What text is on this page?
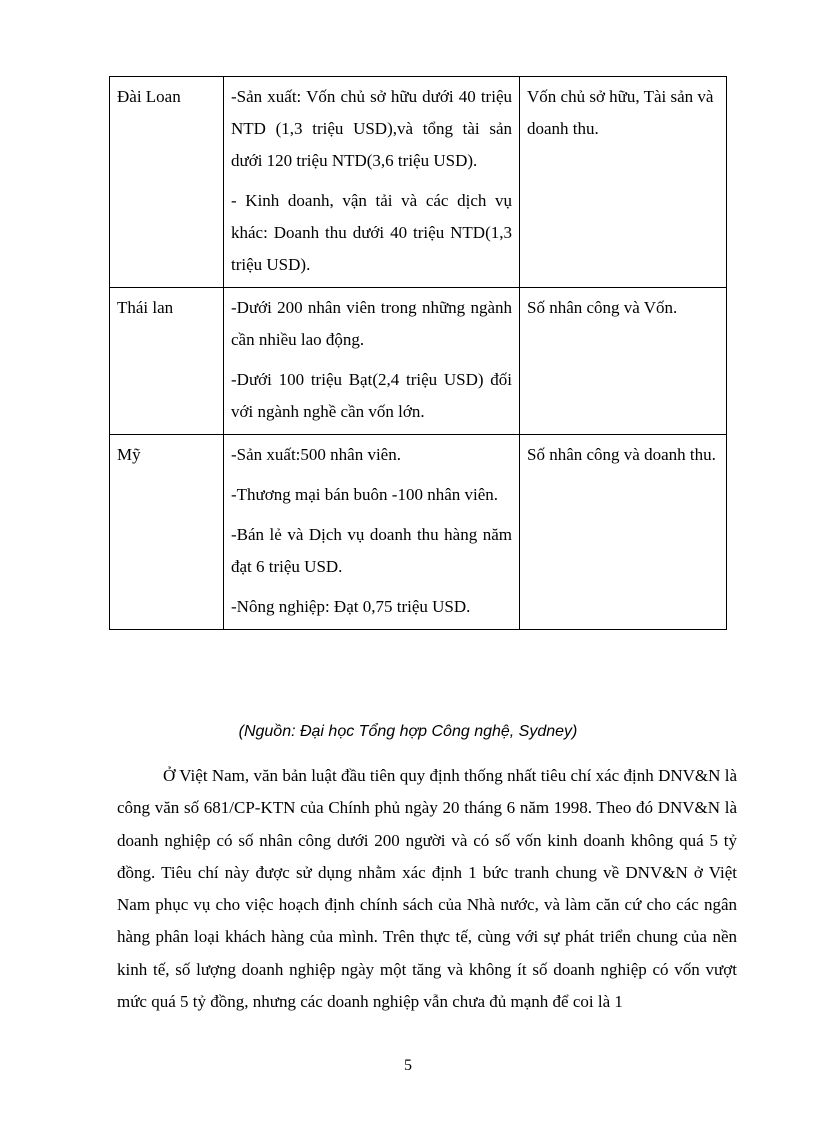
Đài Loan	-Sản xuất: Vốn chủ sở hữu dưới 40 triệu NTD (1,3 triệu USD),và tổng tài sản dưới 120 triệu NTD(3,6 triệu USD).

- Kinh doanh, vận tải và các dịch vụ khác: Doanh thu dưới 40 triệu NTD(1,3 triệu USD).	Vốn chủ sở hữu, Tài sản và doanh thu.
Thái lan	-Dưới 200 nhân viên trong những ngành cần nhiều lao động.

-Dưới 100 triệu Bạt(2,4 triệu USD) đối với ngành nghề cần vốn lớn.	Số nhân công và Vốn.
Mỹ	-Sản xuất:500 nhân viên.

-Thương mại bán buôn -100 nhân viên.

-Bán lẻ và Dịch vụ doanh thu hàng năm đạt 6 triệu USD.

-Nông nghiệp: Đạt 0,75 triệu USD.	Số nhân công và doanh thu.
(Nguồn: Đại học Tổng hợp Công nghệ, Sydney)

Ở Việt Nam, văn bản luật đầu tiên quy định thống nhất tiêu chí xác định DNV&N là công văn số 681/CP-KTN của Chính phủ ngày 20 tháng 6 năm 1998. Theo đó DNV&N là doanh nghiệp có số nhân công dưới 200 người và có số vốn kinh doanh không quá 5 tỷ đồng. Tiêu chí này được sử dụng nhằm xác định 1 bức tranh chung về DNV&N ở Việt Nam phục vụ cho việc hoạch định chính sách của Nhà nước, và làm căn cứ cho các ngân hàng phân loại khách hàng của mình. Trên thực tế, cùng với sự phát triển chung của nền kinh tế, số lượng doanh nghiệp ngày một tăng và không ít số doanh nghiệp có vốn vượt mức quá 5 tỷ đồng, nhưng các doanh nghiệp vẫn chưa đủ mạnh để coi là 1

5
